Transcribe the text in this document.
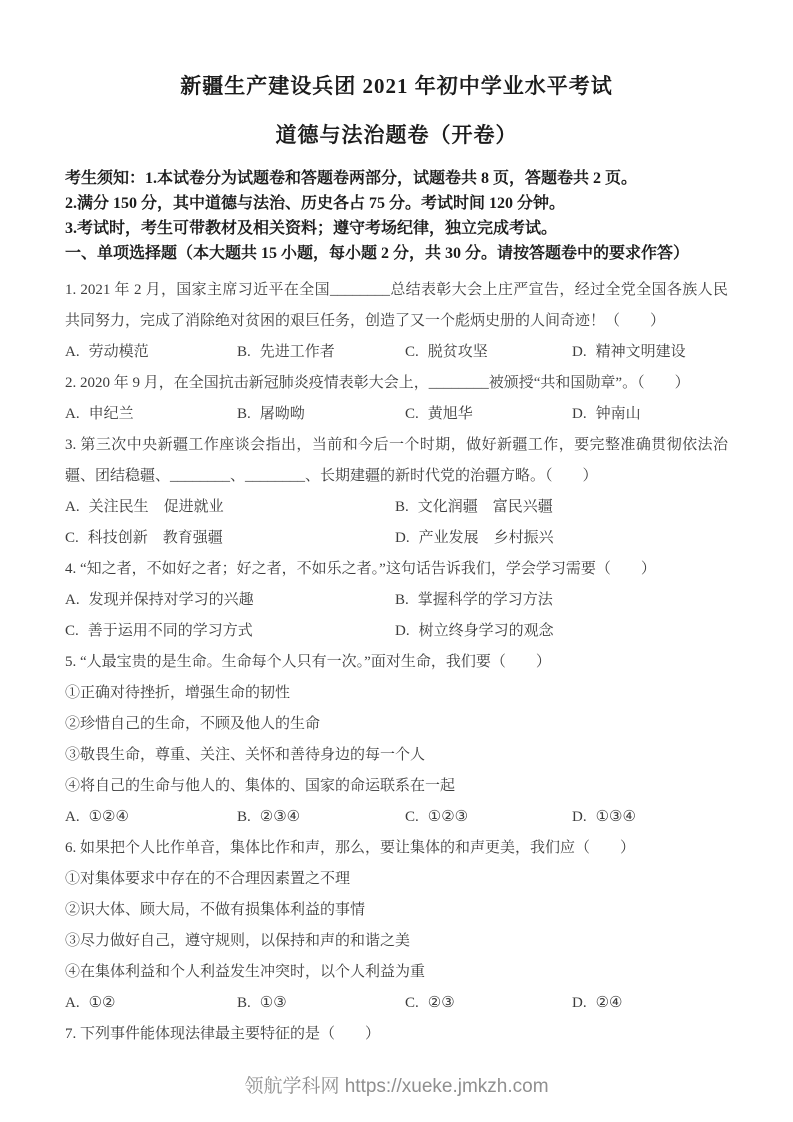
新疆生产建设兵团 2021 年初中学业水平考试

道德与法治题卷（开卷）

考生须知：1.本试卷分为试题卷和答题卷两部分，试题卷共 8 页，答题卷共 2 页。

2.满分 150 分，其中道德与法治、历史各占 75 分。考试时间 120 分钟。

3.考试时，考生可带教材及相关资料；遵守考场纪律，独立完成考试。

一、单项选择题（本大题共 15 小题，每小题 2 分，共 30 分。请按答题卷中的要求作答）

1. 2021 年 2 月，国家主席习近平在全国________总结表彰大会上庄严宣告，经过全党全国各族人民共同努力，完成了消除绝对贫困的艰巨任务，创造了又一个彪炳史册的人间奇迹！（　　）

A. 劳动模范	B. 先进工作者	C. 脱贫攻坚	D. 精神文明建设

2. 2020 年 9 月，在全国抗击新冠肺炎疫情表彰大会上，________被颁授“共和国勋章”。（　　）

A. 申纪兰	B. 屠呦呦	C. 黄旭华	D. 钟南山

3. 第三次中央新疆工作座谈会指出，当前和今后一个时期，做好新疆工作，要完整准确贯彻依法治疆、团结稳疆、________、________、长期建疆的新时代党的治疆方略。（　　）

A. 关注民生　促进就业	B. 文化润疆　富民兴疆
C. 科技创新　教育强疆	D. 产业发展　乡村振兴

4. “知之者，不如好之者；好之者，不如乐之者。”这句话告诉我们，学会学习需要（　　）

A. 发现并保持对学习的兴趣	B. 掌握科学的学习方法
C. 善于运用不同的学习方式	D. 树立终身学习的观念

5. “人最宝贵的是生命。生命每个人只有一次。”面对生命，我们要（　　）

①正确对待挫折，增强生命的韧性

②珍惜自己的生命，不顾及他人的生命

③敬畏生命，尊重、关注、关怀和善待身边的每一个人

④将自己的生命与他人的、集体的、国家的命运联系在一起

A. ①②④	B. ②③④	C. ①②③	D. ①③④

6. 如果把个人比作单音，集体比作和声，那么，要让集体的和声更美，我们应（　　）

①对集体要求中存在的不合理因素置之不理

②识大体、顾大局，不做有损集体利益的事情

③尽力做好自己，遵守规则，以保持和声的和谐之美

④在集体利益和个人利益发生冲突时，以个人利益为重

A. ①②	B. ①③	C. ②③	D. ②④

7. 下列事件能体现法律最主要特征的是（　　）

领航学科网 https://xueke.jmkzh.com
